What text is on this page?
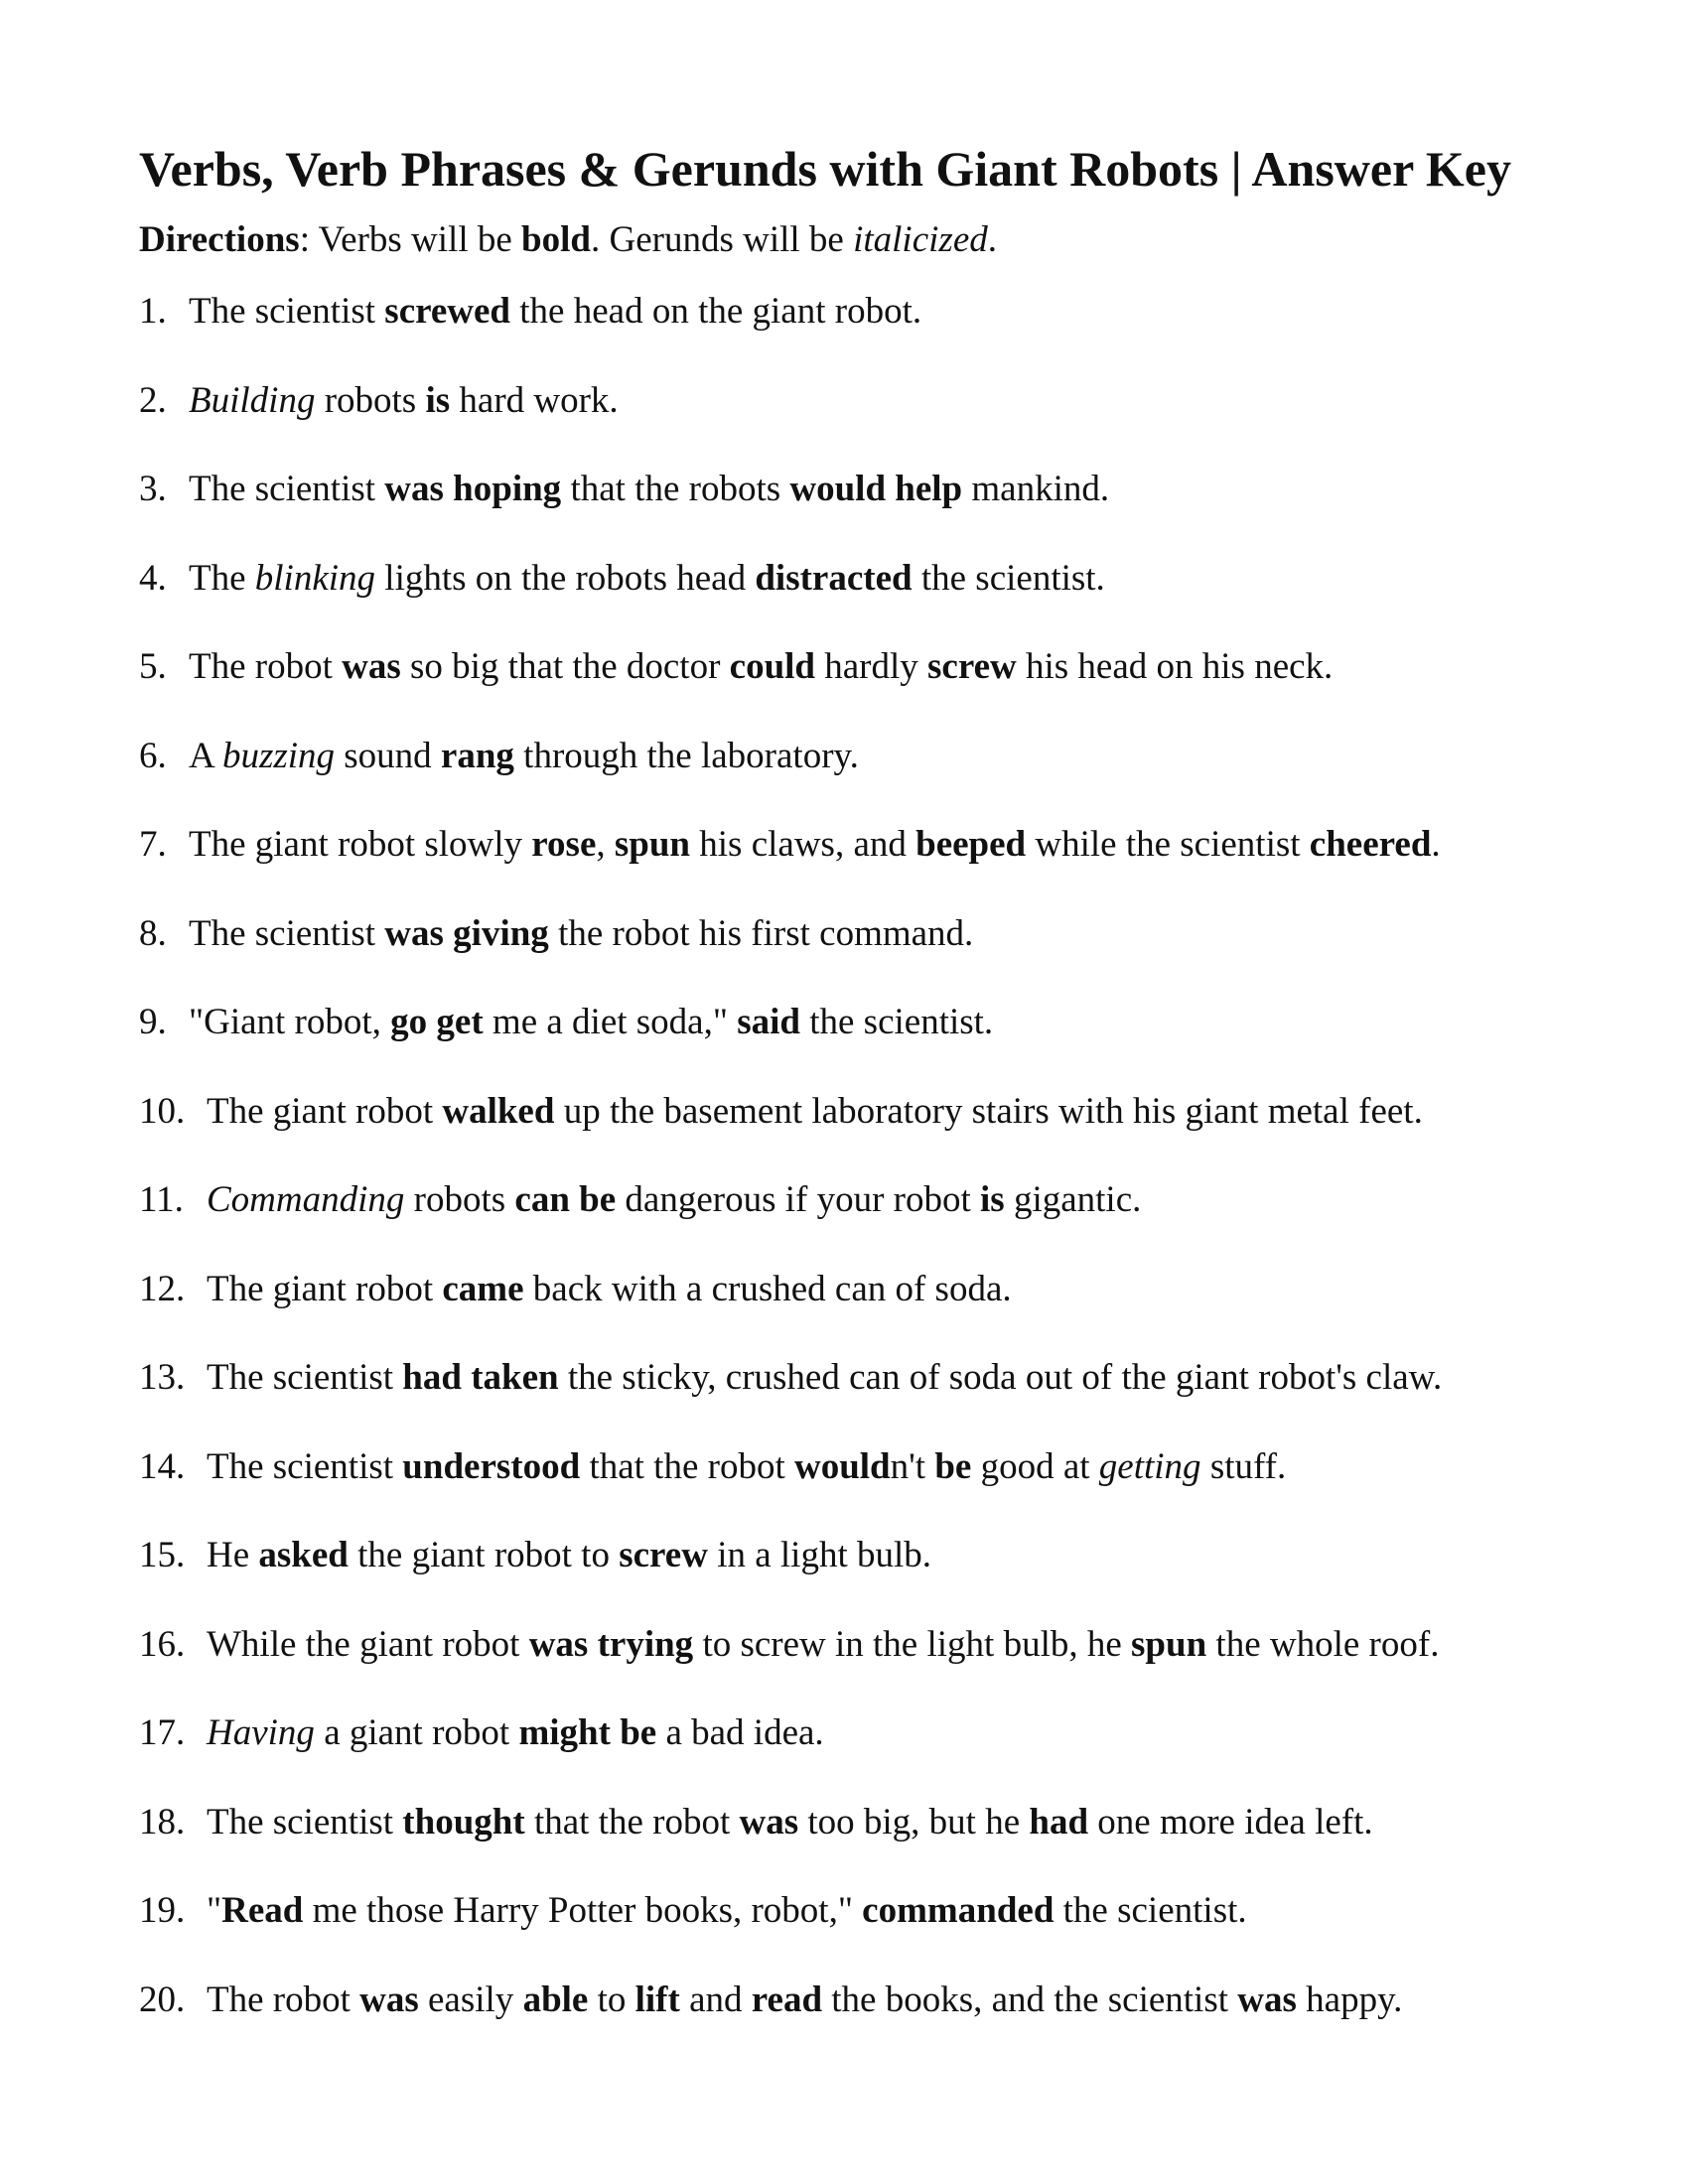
Verbs, Verb Phrases & Gerunds with Giant Robots | Answer Key

Directions: Verbs will be bold. Gerunds will be italicized.

1. The scientist screwed the head on the giant robot.
2. Building robots is hard work.
3. The scientist was hoping that the robots would help mankind.
4. The blinking lights on the robots head distracted the scientist.
5. The robot was so big that the doctor could hardly screw his head on his neck.
6. A buzzing sound rang through the laboratory.
7. The giant robot slowly rose, spun his claws, and beeped while the scientist cheered.
8. The scientist was giving the robot his first command.
9. "Giant robot, go get me a diet soda," said the scientist.
10. The giant robot walked up the basement laboratory stairs with his giant metal feet.
11. Commanding robots can be dangerous if your robot is gigantic.
12. The giant robot came back with a crushed can of soda.
13. The scientist had taken the sticky, crushed can of soda out of the giant robot's claw.
14. The scientist understood that the robot wouldn't be good at getting stuff.
15. He asked the giant robot to screw in a light bulb.
16. While the giant robot was trying to screw in the light bulb, he spun the whole roof.
17. Having a giant robot might be a bad idea.
18. The scientist thought that the robot was too big, but he had one more idea left.
19. "Read me those Harry Potter books, robot," commanded the scientist.
20. The robot was easily able to lift and read the books, and the scientist was happy.
